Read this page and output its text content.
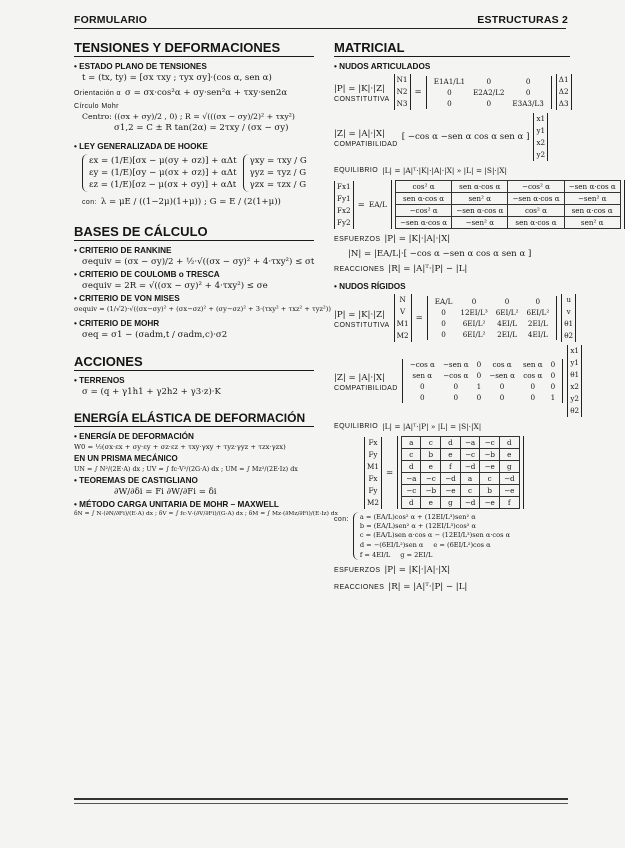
FORMULARIO	ESTRUCTURAS 2
TENSIONES Y DEFORMACIONES
• ESTADO PLANO DE TENSIONES
t = (tx, ty) = [σx τxy ; τyx σy]·(cos α, sen α)
Orientación α σ = σx·cos²α + σy·sen²α + τxy·sen2α
Círculo Mohr
Centro: ((σx + σy)/2 , 0) ; R = √(((σx − σy)/2)² + τxy²)
σ1,2 = C ± R tan(2α) = 2τxy / (σx − σy)
• LEY GENERALIZADA DE HOOKE
εx = (1/E)[σx − μ(σy + σz)] + αΔt
εy = (1/E)[σy − μ(σx + σz)] + αΔt
εz = (1/E)[σz − μ(σx + σy)] + αΔt
γxy = τxy / G
γyz = τyz / G
γzx = τzx / G
con: λ = μE / ((1−2μ)(1+μ)) ; G = E / (2(1+μ))
BASES DE CÁLCULO
• CRITERIO DE RANKINE
σequiv = (σx − σy)/2 + ½·√((σx − σy)² + 4·τxy²) ≤ σt
• CRITERIO DE COULOMB o TRESCA
σequiv = 2R = √((σx − σy)² + 4·τxy²) ≤ σe
• CRITERIO DE VON MISES
σequiv = (1/√2)·√((σx−σy)² + (σx−σz)² + (σy−σz)² + 3·(τxy² + τxz² + τyz²))
• CRITERIO DE MOHR
σeq = σ1 − (σadm,t / σadm,c)·σ2
ACCIONES
• TERRENOS
σ = (q + γ1h1 + γ2h2 + γ3·z)·K
ENERGÍA ELÁSTICA DE DEFORMACIÓN
• ENERGÍA DE DEFORMACIÓN
W0 = ½(σx·εx + σy·εy + σz·εz + τxy·γxy + τyz·γyz + τzx·γzx)
EN UN PRISMA MECÁNICO
UN = ∫ N²/(2E·A) dx ; UV = ∫ fc·V²/(2G·A) dx ; UM = ∫ Mz²/(2E·Iz) dx
• TEOREMAS DE CASTIGLIANO
∂W/∂δi = Fi ∂W/∂Fi = δi
• MÉTODO CARGA UNITARIA DE MOHR – MAXWELL
δN = ∫ N·(∂N/∂Fi)/(E·A) dx ; δV = ∫ fc·V·(∂V/∂Fi)/(G·A) dx ; δM = ∫ Mz·(∂Mz/∂Fi)/(E·Iz) dx
MATRICIAL
• NUDOS ARTICULADOS
|P| = |K|·|Z|
CONSTITUTIVA
N1
N2
N3
=
E1A1/L1	0	0
0	E2A2/L2	0
0	0	E3A3/L3
Δ1
Δ2
Δ3
|Z| = |A|·|X|
COMPATIBILIDAD
[ −cos α −sen α cos α sen α ]
x1
y1
x2
y2
EQUILIBRIO |L| = |A|ᵀ·|K|·|A|·|X| » |L| = |S|·|X|
Fx1
Fy1
Fx2
Fy2
= EA/L
cos² α	sen α·cos α	−cos² α	−sen α·cos α
sen α·cos α	sen² α	−sen α·cos α	−sen² α
−cos² α	−sen α·cos α	cos² α	sen α·cos α
−sen α·cos α	−sen² α	sen α·cos α	sen² α
ESFUERZOS |P| = |K|·|A|·|X|
|N| = |EA/L|·[ −cos α −sen α cos α sen α ]
REACCIONES |R| = |A|ᵀ·|P| − |L|
• NUDOS RÍGIDOS
|P| = |K|·|Z|
CONSTITUTIVA
N
V
M1
M2
=
EA/L	0	0	0
0	12EI/L³	6EI/L²	6EI/L²
0	6EI/L²	4EI/L	2EI/L
0	6EI/L²	2EI/L	4EI/L
u
v
θ1
θ2
|Z| = |A|·|X|
COMPATIBILIDAD
−cos α	−sen α	0	cos α	sen α	0
sen α	−cos α	0	−sen α	cos α	0
0	0	1	0	0	0
0	0	0	0	0	1
x1
y1
θ1
x2
y2
θ2
EQUILIBRIO |L| = |A|ᵀ·|P| » |L| = |S|·|X|
Fx
Fy
M1
Fx
Fy
M2
=
a	c	d	−a	−c	d
c	b	e	−c	−b	e
d	e	f	−d	−e	g
−a	−c	−d	a	c	−d
−c	−b	−e	c	b	−e
d	e	g	−d	−e	f
con: a = (EA/L)cos² α + (12EI/L³)sen² α
b = (EA/L)sen² α + (12EI/L³)cos² α
c = (EA/L)sen α·cos α − (12EI/L³)sen α·cos α
d = −(6EI/L²)sen α e = (6EI/L²)cos α
f = 4EI/L g = 2EI/L
ESFUERZOS |P| = |K|·|A|·|X|
REACCIONES |R| = |A|ᵀ·|P| − |L|
